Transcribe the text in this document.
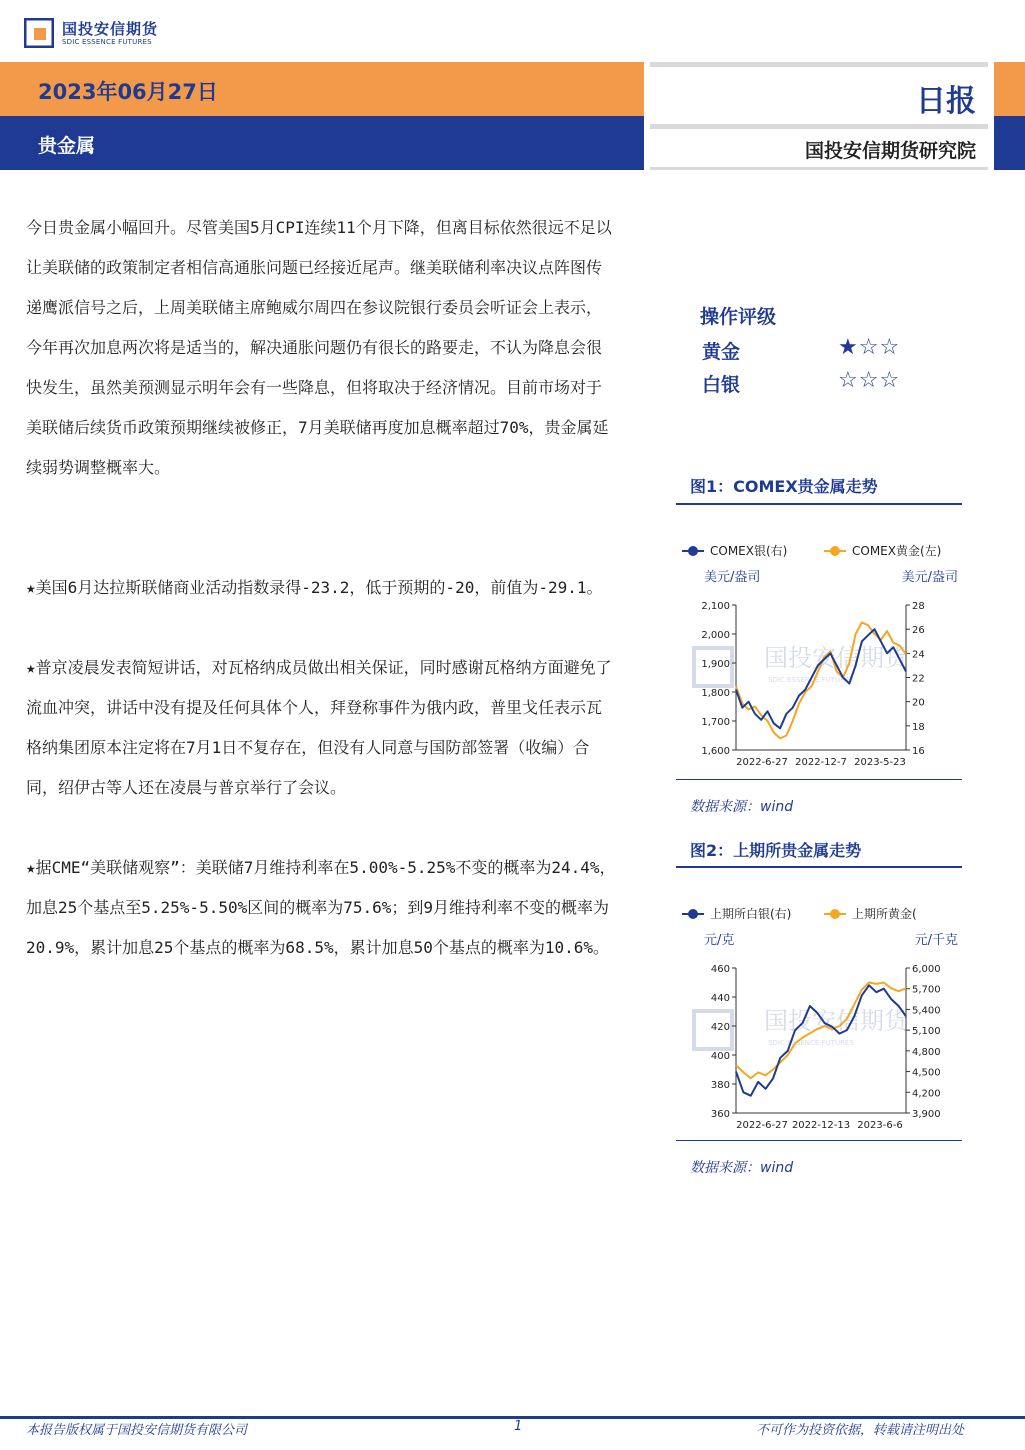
国投安信期货
SDIC ESSENCE FUTURES
2023年06月27日
贵金属
日报
国投安信期货研究院
今日贵金属小幅回升。尽管美国5月CPI连续11个月下降，但离目标依然很远不足以让美联储的政策制定者相信高通胀问题已经接近尾声。继美联储利率决议点阵图传递鹰派信号之后，上周美联储主席鲍威尔周四在参议院银行委员会听证会上表示，今年再次加息两次将是适当的，解决通胀问题仍有很长的路要走，不认为降息会很快发生，虽然美预测显示明年会有一些降息，但将取决于经济情况。目前市场对于美联储后续货币政策预期继续被修正，7月美联储再度加息概率超过70%，贵金属延续弱势调整概率大。
★美国6月达拉斯联储商业活动指数录得-23.2，低于预期的-20，前值为-29.1。
★普京凌晨发表简短讲话，对瓦格纳成员做出相关保证，同时感谢瓦格纳方面避免了流血冲突，讲话中没有提及任何具体个人，拜登称事件为俄内政，普里戈任表示瓦格纳集团原本注定将在7月1日不复存在，但没有人同意与国防部签署（收编）合同，绍伊古等人还在凌晨与普京举行了会议。
★据CME“美联储观察”：美联储7月维持利率在5.00%-5.25%不变的概率为24.4%，加息25个基点至5.25%-5.50%区间的概率为75.6%；到9月维持利率不变的概率为20.9%，累计加息25个基点的概率为68.5%，累计加息50个基点的概率为10.6%。
操作评级
黄金	★☆☆
白银	☆☆☆
图1：COMEX贵金属走势
国投安信期货
SDIC ESSENCE FUTURES
COMEX银(右)	COMEX黄金(左)
美元/盎司	美元/盎司
1,600
1,700
1,800
1,900
2,000
2,100
16
18
20
22
24
26
28
2022-6-27 2022-12-7 2023-5-23
数据来源：wind
图2：上期所贵金属走势
国投安信期货
SDIC ESSENCE FUTURES
上期所白银(右)	上期所黄金(
元/克	元/千克
360
380
400
420
440
460
3,900
4,200
4,500
4,800
5,100
5,400
5,700
6,000
2022-6-27 2022-12-13 2023-6-6
数据来源：wind
本报告版权属于国投安信期货有限公司	1	不可作为投资依据，转载请注明出处
